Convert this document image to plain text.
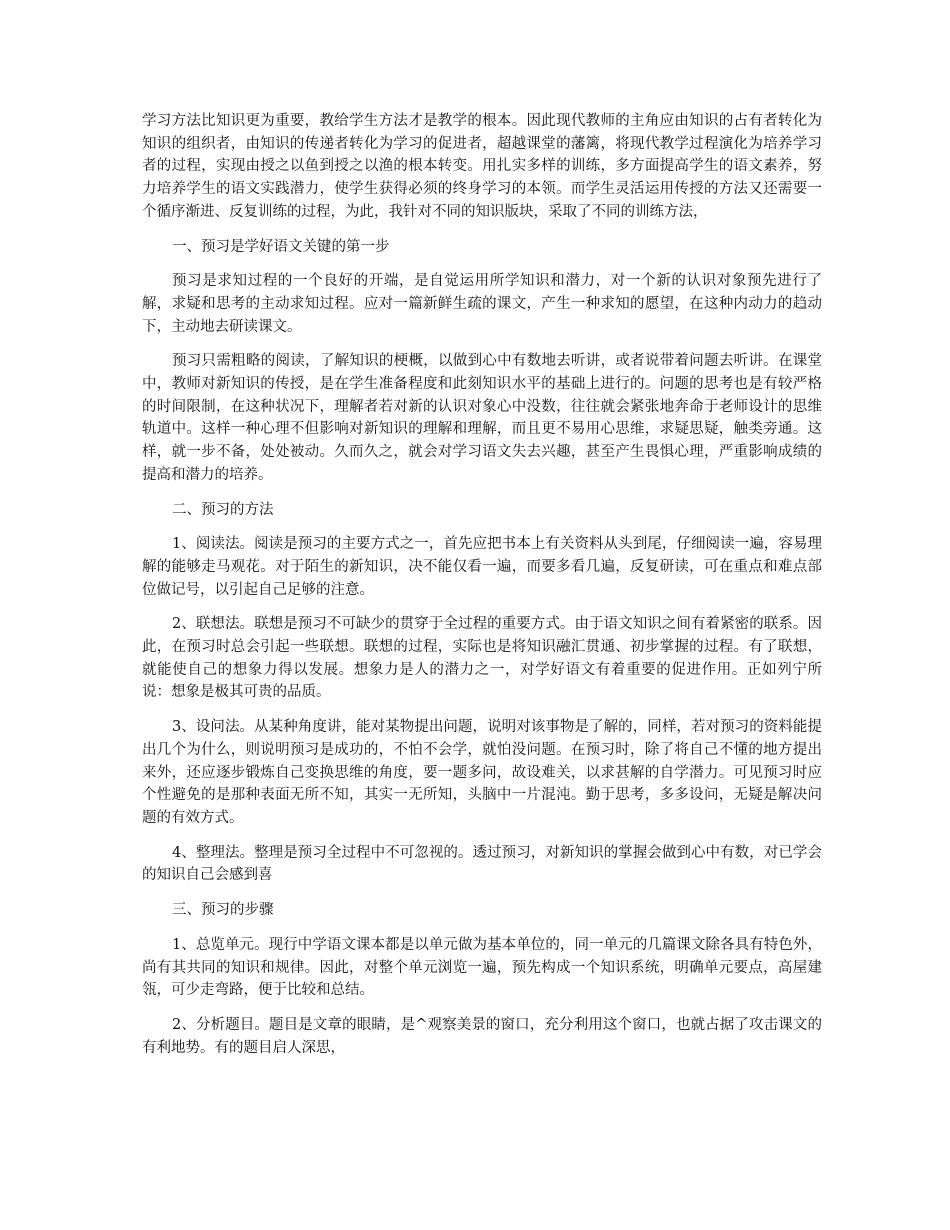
学习方法比知识更为重要，教给学生方法才是教学的根本。因此现代教师的主角应由知识的占有者转化为知识的组织者，由知识的传递者转化为学习的促进者，超越课堂的藩篱，将现代教学过程演化为培养学习者的过程，实现由授之以鱼到授之以渔的根本转变。用扎实多样的训练，多方面提高学生的语文素养，努力培养学生的语文实践潜力，使学生获得必须的终身学习的本领。而学生灵活运用传授的方法又还需要一个循序渐进、反复训练的过程，为此，我针对不同的知识版块，采取了不同的训练方法，

一、预习是学好语文关键的第一步

预习是求知过程的一个良好的开端，是自觉运用所学知识和潜力，对一个新的认识对象预先进行了解，求疑和思考的主动求知过程。应对一篇新鲜生疏的课文，产生一种求知的愿望，在这种内动力的趋动下，主动地去研读课文。

预习只需粗略的阅读，了解知识的梗概，以做到心中有数地去听讲，或者说带着问题去听讲。在课堂中，教师对新知识的传授，是在学生准备程度和此刻知识水平的基础上进行的。问题的思考也是有较严格的时间限制，在这种状况下，理解者若对新的认识对象心中没数，往往就会紧张地奔命于老师设计的思维轨道中。这样一种心理不但影响对新知识的理解和理解，而且更不易用心思维，求疑思疑，触类旁通。这样，就一步不备，处处被动。久而久之，就会对学习语文失去兴趣，甚至产生畏惧心理，严重影响成绩的提高和潜力的培养。

二、预习的方法

1、阅读法。阅读是预习的主要方式之一，首先应把书本上有关资料从头到尾，仔细阅读一遍，容易理解的能够走马观花。对于陌生的新知识，决不能仅看一遍，而要多看几遍，反复研读，可在重点和难点部位做记号，以引起自己足够的注意。

2、联想法。联想是预习不可缺少的贯穿于全过程的重要方式。由于语文知识之间有着紧密的联系。因此，在预习时总会引起一些联想。联想的过程，实际也是将知识融汇贯通、初步掌握的过程。有了联想，就能使自己的想象力得以发展。想象力是人的潜力之一，对学好语文有着重要的促进作用。正如列宁所说：想象是极其可贵的品质。

3、设问法。从某种角度讲，能对某物提出问题，说明对该事物是了解的，同样，若对预习的资料能提出几个为什么，则说明预习是成功的，不怕不会学，就怕没问题。在预习时，除了将自己不懂的地方提出来外，还应逐步锻炼自己变换思维的角度，要一题多问，故设难关，以求甚解的自学潜力。可见预习时应个性避免的是那种表面无所不知，其实一无所知，头脑中一片混沌。勤于思考，多多设问，无疑是解决问题的有效方式。

4、整理法。整理是预习全过程中不可忽视的。透过预习，对新知识的掌握会做到心中有数，对已学会的知识自己会感到喜

三、预习的步骤

1、总览单元。现行中学语文课本都是以单元做为基本单位的，同一单元的几篇课文除各具有特色外，尚有其共同的知识和规律。因此，对整个单元浏览一遍，预先构成一个知识系统，明确单元要点，高屋建瓴，可少走弯路，便于比较和总结。

2、分析题目。题目是文章的眼睛，是^观察美景的窗口，充分利用这个窗口，也就占据了攻击课文的有利地势。有的题目启人深思，
